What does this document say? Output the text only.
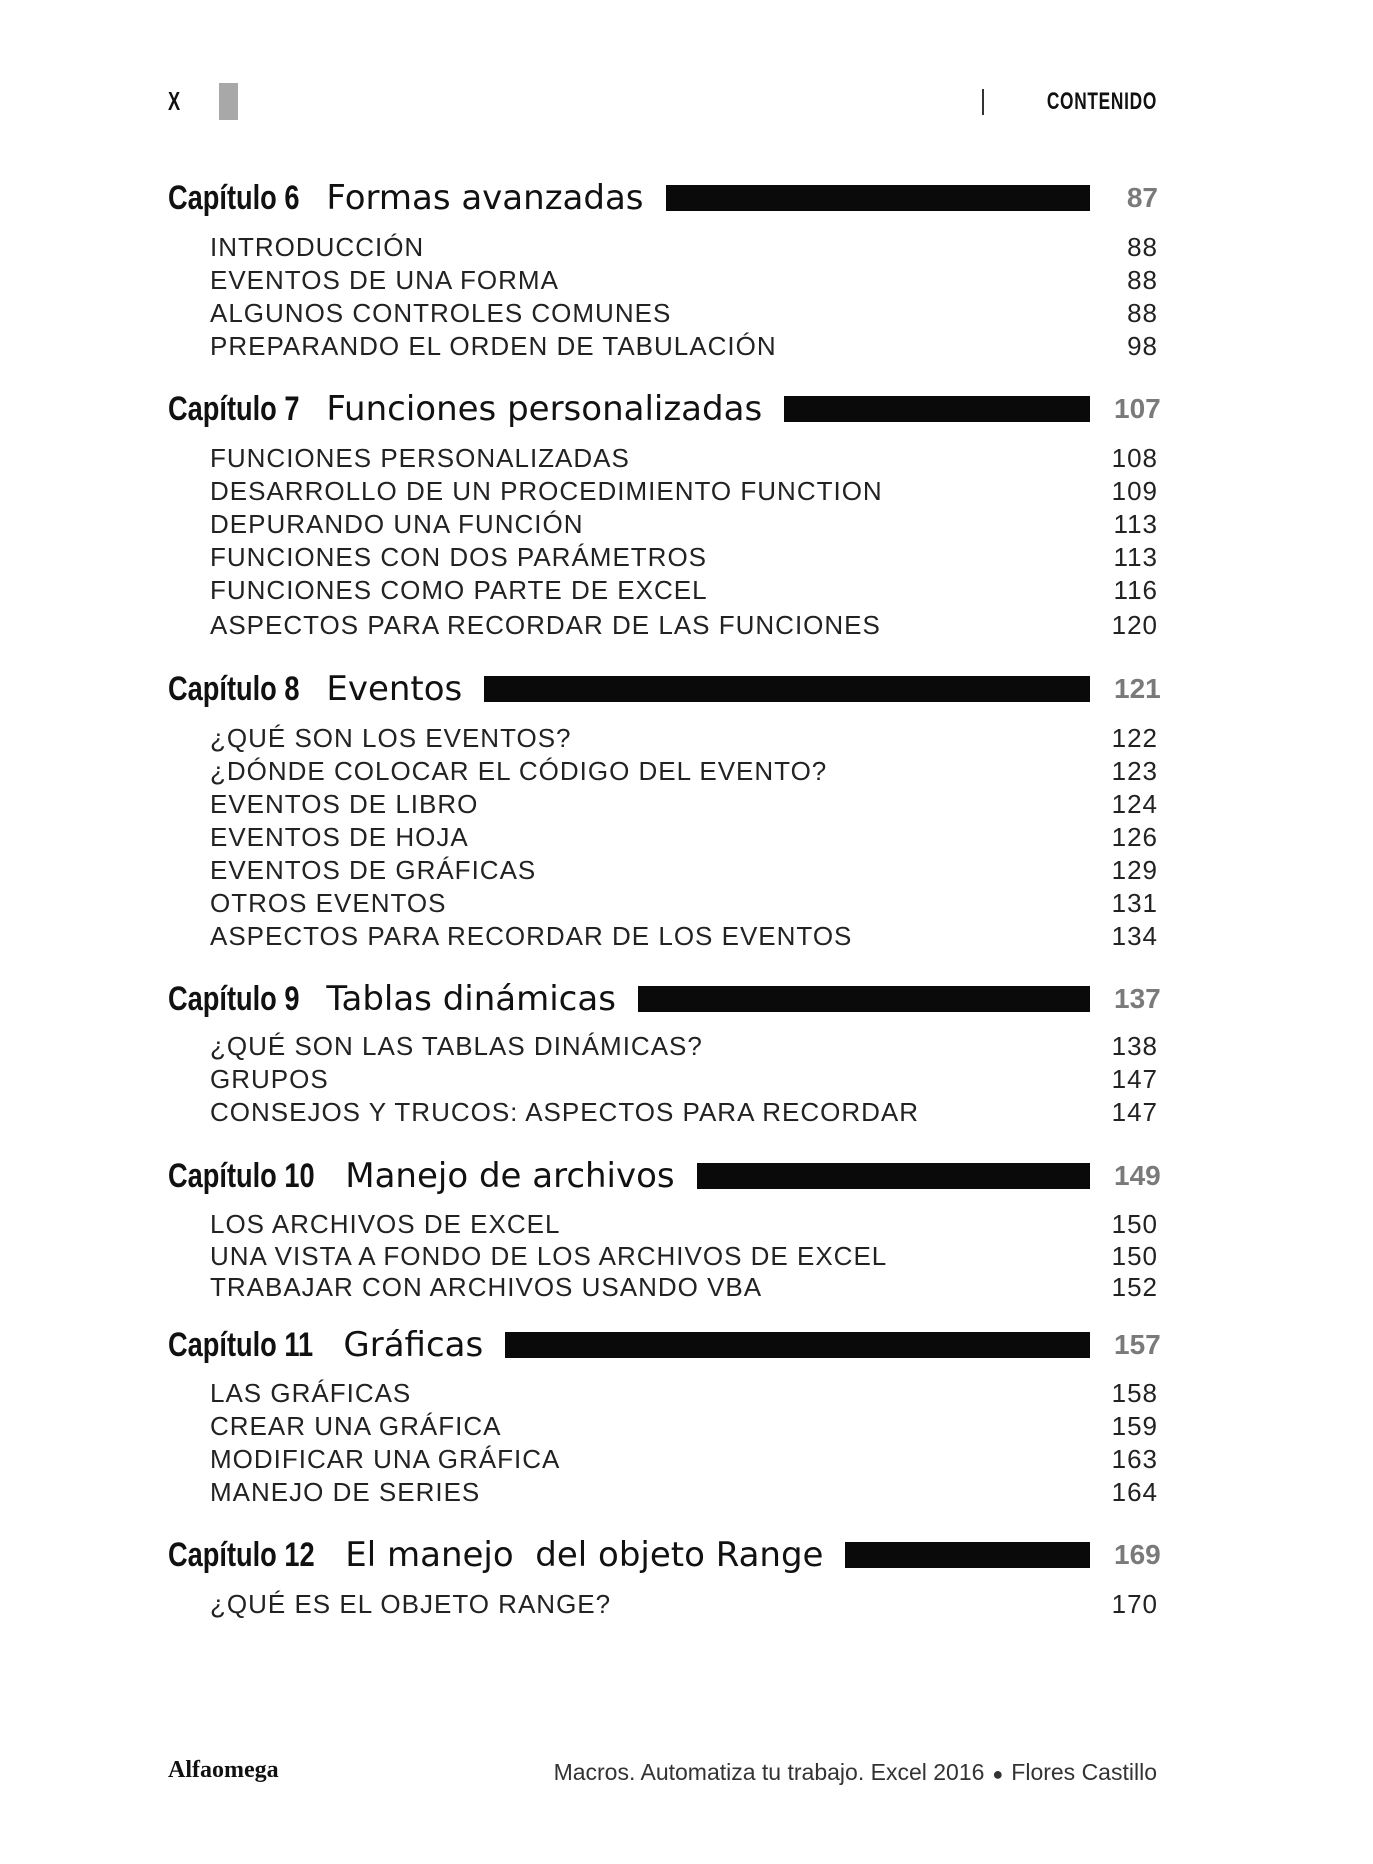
X	CONTENIDO
Capítulo 6 Formas avanzadas	87
INTRODUCCIÓN	88
EVENTOS DE UNA FORMA	88
ALGUNOS CONTROLES COMUNES	88
PREPARANDO EL ORDEN DE TABULACIÓN	98
Capítulo 7 Funciones personalizadas	107
FUNCIONES PERSONALIZADAS	108
DESARROLLO DE UN PROCEDIMIENTO FUNCTION	109
DEPURANDO UNA FUNCIÓN	113
FUNCIONES CON DOS PARÁMETROS	113
FUNCIONES COMO PARTE DE EXCEL	116
ASPECTOS PARA RECORDAR DE LAS FUNCIONES	120
Capítulo 8 Eventos	121
¿QUÉ SON LOS EVENTOS?	122
¿DÓNDE COLOCAR EL CÓDIGO DEL EVENTO?	123
EVENTOS DE LIBRO	124
EVENTOS DE HOJA	126
EVENTOS DE GRÁFICAS	129
OTROS EVENTOS	131
ASPECTOS PARA RECORDAR DE LOS EVENTOS	134
Capítulo 9 Tablas dinámicas	137
¿QUÉ SON LAS TABLAS DINÁMICAS?	138
GRUPOS	147
CONSEJOS Y TRUCOS: ASPECTOS PARA RECORDAR	147
Capítulo 10 Manejo de archivos	149
LOS ARCHIVOS DE EXCEL	150
UNA VISTA A FONDO DE LOS ARCHIVOS DE EXCEL	150
TRABAJAR CON ARCHIVOS USANDO VBA	152
Capítulo 11 Gráficas	157
LAS GRÁFICAS	158
CREAR UNA GRÁFICA	159
MODIFICAR UNA GRÁFICA	163
MANEJO DE SERIES	164
Capítulo 12 El manejo  del objeto Range	169
¿QUÉ ES EL OBJETO RANGE?	170
Alfaomega	Macros. Automatiza tu trabajo. Excel 2016 ● Flores Castillo
